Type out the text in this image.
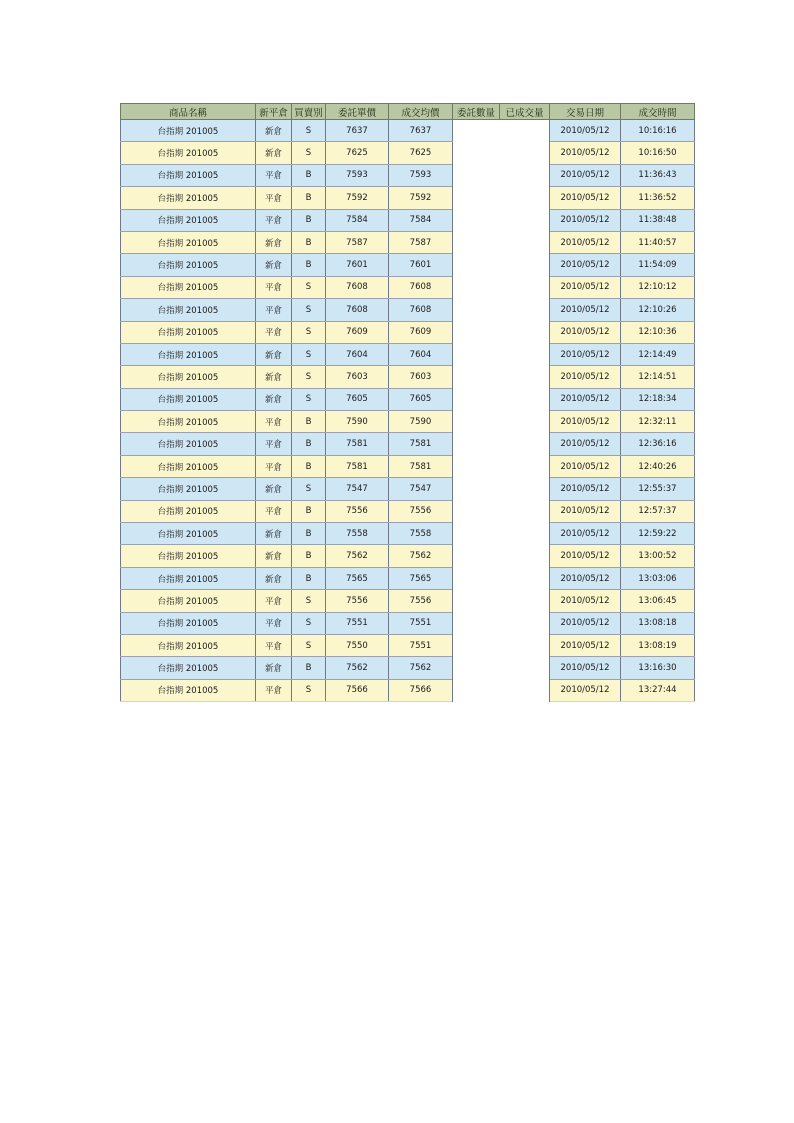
商品名稱	新平倉	買賣別	委託單價	成交均價	委託數量	已成交量	交易日期	成交時間
台指期 201005	新倉	S	7637	7637			2010/05/12	10:16:16
台指期 201005	新倉	S	7625	7625			2010/05/12	10:16:50
台指期 201005	平倉	B	7593	7593			2010/05/12	11:36:43
台指期 201005	平倉	B	7592	7592			2010/05/12	11:36:52
台指期 201005	平倉	B	7584	7584			2010/05/12	11:38:48
台指期 201005	新倉	B	7587	7587			2010/05/12	11:40:57
台指期 201005	新倉	B	7601	7601			2010/05/12	11:54:09
台指期 201005	平倉	S	7608	7608			2010/05/12	12:10:12
台指期 201005	平倉	S	7608	7608			2010/05/12	12:10:26
台指期 201005	平倉	S	7609	7609			2010/05/12	12:10:36
台指期 201005	新倉	S	7604	7604			2010/05/12	12:14:49
台指期 201005	新倉	S	7603	7603			2010/05/12	12:14:51
台指期 201005	新倉	S	7605	7605			2010/05/12	12:18:34
台指期 201005	平倉	B	7590	7590			2010/05/12	12:32:11
台指期 201005	平倉	B	7581	7581			2010/05/12	12:36:16
台指期 201005	平倉	B	7581	7581			2010/05/12	12:40:26
台指期 201005	新倉	S	7547	7547			2010/05/12	12:55:37
台指期 201005	平倉	B	7556	7556			2010/05/12	12:57:37
台指期 201005	新倉	B	7558	7558			2010/05/12	12:59:22
台指期 201005	新倉	B	7562	7562			2010/05/12	13:00:52
台指期 201005	新倉	B	7565	7565			2010/05/12	13:03:06
台指期 201005	平倉	S	7556	7556			2010/05/12	13:06:45
台指期 201005	平倉	S	7551	7551			2010/05/12	13:08:18
台指期 201005	平倉	S	7550	7551			2010/05/12	13:08:19
台指期 201005	新倉	B	7562	7562			2010/05/12	13:16:30
台指期 201005	平倉	S	7566	7566			2010/05/12	13:27:44
